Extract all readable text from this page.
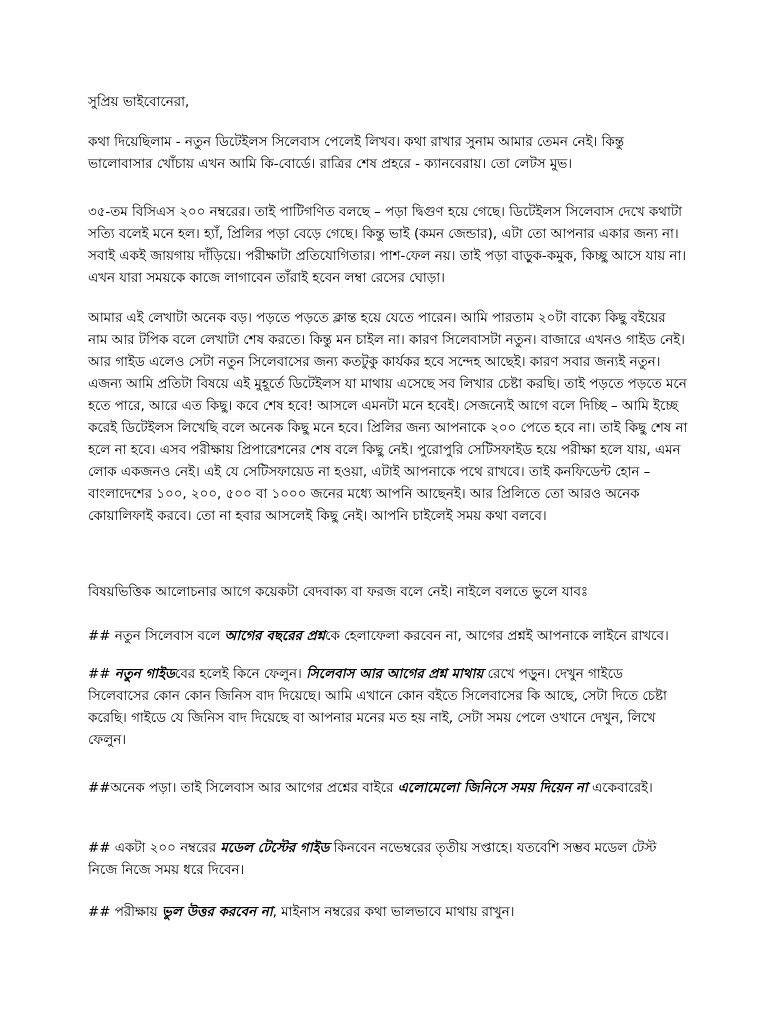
সুপ্রিয় ভাইবোনেরা,

কথা দিয়েছিলাম - নতুন ডিটেইলস সিলেবাস পেলেই লিখব। কথা রাখার সুনাম আমার তেমন নেই। কিন্তু ভালোবাসার খোঁচায় এখন আমি কি-বোর্ডে। রাত্রির শেষ প্রহরে - ক্যানবেরায়। তো লেটস মুভ।

৩৫-তম বিসিএস ২০০ নম্বরের। তাই পাটিগণিত বলছে – পড়া দ্বিগুণ হয়ে গেছে। ডিটেইলস সিলেবাস দেখে কথাটা সত্যি বলেই মনে হল। হ্যাঁ, প্রিলির পড়া বেড়ে গেছে। কিন্তু ভাই (কমন জেন্ডার), এটা তো আপনার একার জন্য না। সবাই একই জায়গায় দাঁড়িয়ে। পরীক্ষাটা প্রতিযোগিতার। পাশ-ফেল নয়। তাই পড়া বাড়ুক-কমুক, কিচ্ছু আসে যায় না। এখন যারা সময়কে কাজে লাগাবেন তাঁরাই হবেন লম্বা রেসের ঘোড়া।

আমার এই লেখাটা অনেক বড়। পড়তে পড়তে ক্লান্ত হয়ে যেতে পারেন। আমি পারতাম ২০টা বাক্যে কিছু বইয়ের নাম আর টপিক বলে লেখাটা শেষ করতে। কিন্তু মন চাইল না। কারণ সিলেবাসটা নতুন। বাজারে এখনও গাইড নেই। আর গাইড এলেও সেটা নতুন সিলেবাসের জন্য কতটুকু কার্যকর হবে সন্দেহ আছেই। কারণ সবার জন্যই নতুন। এজন্য আমি প্রতিটা বিষয়ে এই মুহূর্তে ডিটেইলস যা মাথায় এসেছে সব লিখার চেষ্টা করছি। তাই পড়তে পড়তে মনে হতে পারে, আরে এত কিছু। কবে শেষ হবে! আসলে এমনটা মনে হবেই। সেজন্যেই আগে বলে দিচ্ছি – আমি ইচ্ছে করেই ডিটেইলস লিখেছি বলে অনেক কিছু মনে হবে। প্রিলির জন্য আপনাকে ২০০ পেতে হবে না। তাই কিছু শেষ না হলে না হবে। এসব পরীক্ষায় প্রিপারেশনের শেষ বলে কিছু নেই। পুরোপুরি সেটিসফাইড হয়ে পরীক্ষা হলে যায়, এমন লোক একজনও নেই। এই যে সেটিসফায়েড না হওয়া, এটাই আপনাকে পথে রাখবে। তাই কনফিডেন্ট হোন – বাংলাদেশের ১০০, ২০০, ৫০০ বা ১০০০ জনের মধ্যে আপনি আছেনই। আর প্রিলিতে তো আরও অনেক কোয়ালিফাই করবে। তো না হবার আসলেই কিছু নেই। আপনি চাইলেই সময় কথা বলবে।

বিষয়ভিত্তিক আলোচনার আগে কয়েকটা বেদবাক্য বা ফরজ বলে নেই। নাইলে বলতে ভুলে যাবঃ

## নতুন সিলেবাস বলে আগের বছরের প্রশ্নকে হেলাফেলা করবেন না, আগের প্রশ্নই আপনাকে লাইনে রাখবে।

## নতুন গাইডবের হলেই কিনে ফেলুন। সিলেবাস আর আগের প্রশ্ন মাথায় রেখে পড়ুন। দেখুন গাইডে সিলেবাসের কোন কোন জিনিস বাদ দিয়েছে। আমি এখানে কোন বইতে সিলেবাসের কি আছে, সেটা দিতে চেষ্টা করেছি। গাইডে যে জিনিস বাদ দিয়েছে বা আপনার মনের মত হয় নাই, সেটা সময় পেলে ওখানে দেখুন, লিখে ফেলুন।

##অনেক পড়া। তাই সিলেবাস আর আগের প্রশ্নের বাইরে এলোমেলো জিনিসে সময় দিয়েন না একেবারেই।

## একটা ২০০ নম্বরের মডেল টেস্টের গাইড কিনবেন নভেম্বরের তৃতীয় সপ্তাহে। যতবেশি সম্ভব মডেল টেস্ট নিজে নিজে সময় ধরে দিবেন।

## পরীক্ষায় ভুল উত্তর করবেন না, মাইনাস নম্বরের কথা ভালভাবে মাথায় রাখুন।
